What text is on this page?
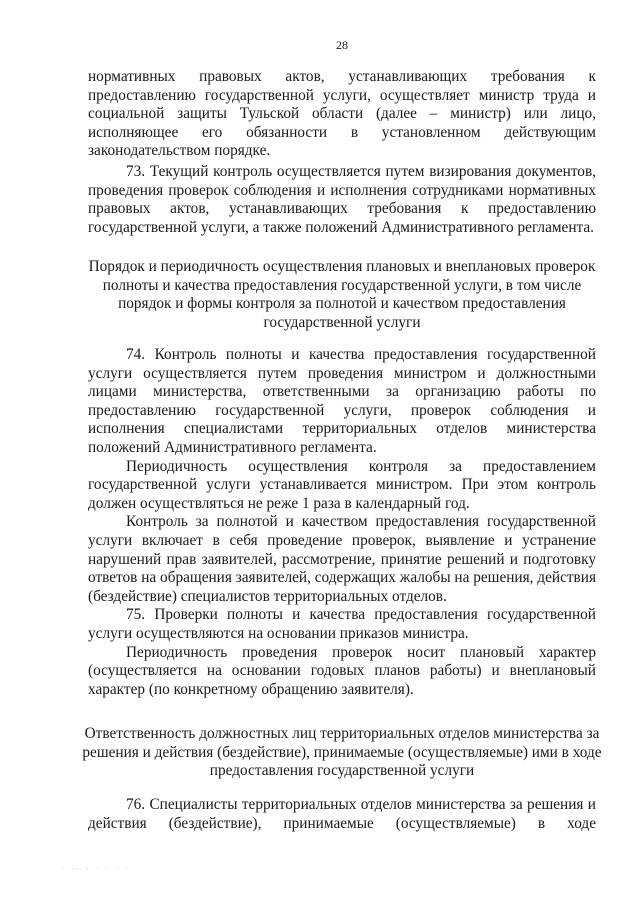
28

нормативных правовых актов, устанавливающих требования к предоставлению государственной услуги, осуществляет министр труда и социальной защиты Тульской области (далее – министр) или лицо, исполняющее его обязанности в установленном действующим законодательством порядке.

73. Текущий контроль осуществляется путем визирования документов, проведения проверок соблюдения и исполнения сотрудниками нормативных правовых актов, устанавливающих требования к предоставлению государственной услуги, а также положений Административного регламента.

Порядок и периодичность осуществления плановых и внеплановых проверок полноты и качества предоставления государственной услуги, в том числе порядок и формы контроля за полнотой и качеством предоставления государственной услуги

74. Контроль полноты и качества предоставления государственной услуги осуществляется путем проведения министром и должностными лицами министерства, ответственными за организацию работы по предоставлению государственной услуги, проверок соблюдения и исполнения специалистами территориальных отделов министерства положений Административного регламента.

Периодичность осуществления контроля за предоставлением государственной услуги устанавливается министром. При этом контроль должен осуществляться не реже 1 раза в календарный год.

Контроль за полнотой и качеством предоставления государственной услуги включает в себя проведение проверок, выявление и устранение нарушений прав заявителей, рассмотрение, принятие решений и подготовку ответов на обращения заявителей, содержащих жалобы на решения, действия (бездействие) специалистов территориальных отделов.

75. Проверки полноты и качества предоставления государственной услуги осуществляются на основании приказов министра.

Периодичность проведения проверок носит плановый характер (осуществляется на основании годовых планов работы) и внеплановый характер (по конкретному обращению заявителя).

Ответственность должностных лиц территориальных отделов министерства за решения и действия (бездействие), принимаемые (осуществляемые) ими в ходе предоставления государственной услуги

76. Специалисты территориальных отделов министерства за решения и действия (бездействие), принимаемые (осуществляемые) в ходе

· ·· · · · · ·
